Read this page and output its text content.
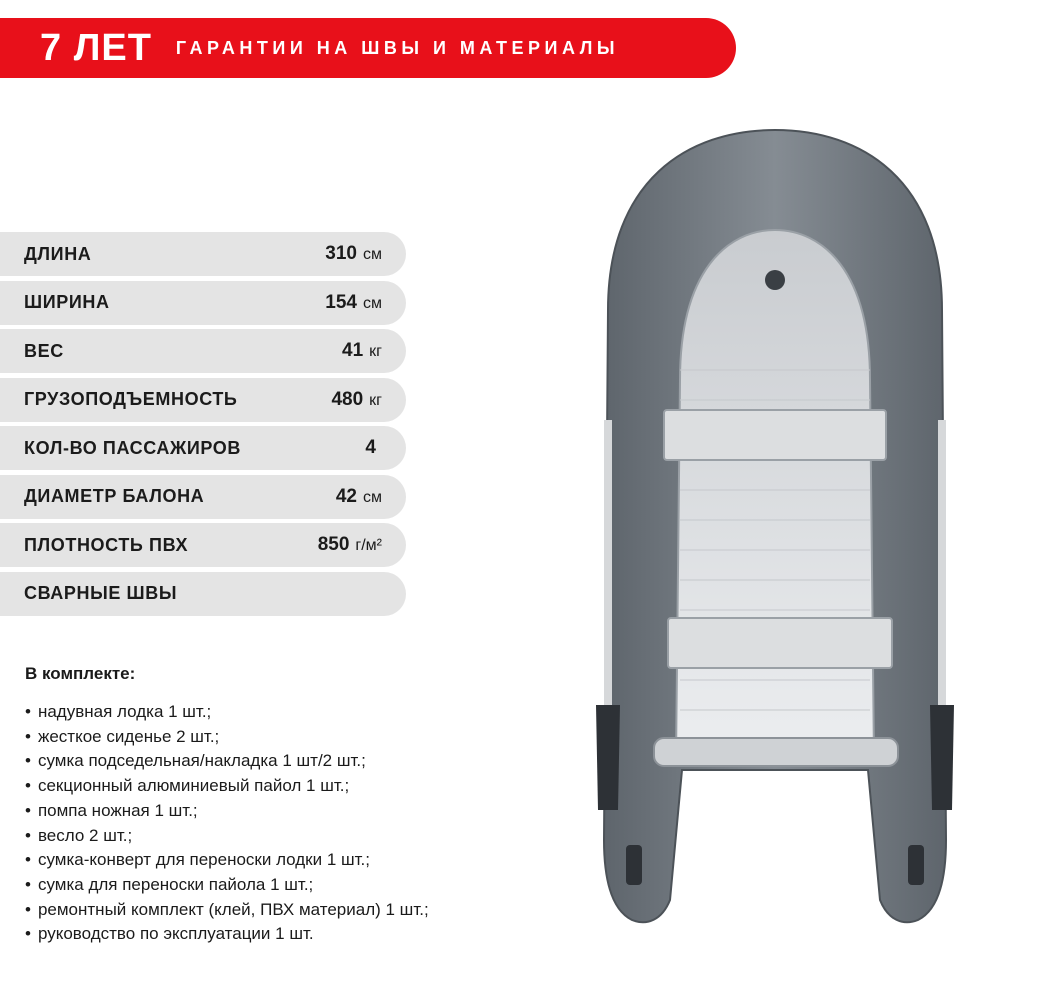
7 ЛЕТ ГАРАНТИИ НА ШВЫ И МАТЕРИАЛЫ
ДЛИНА	310 см
ШИРИНА	154 см
ВЕС	41 кг
ГРУЗОПОДЪЕМНОСТЬ	480 кг
КОЛ-ВО ПАССАЖИРОВ	4
ДИАМЕТР БАЛОНА	42 см
ПЛОТНОСТЬ ПВХ	850 г/м²
СВАРНЫЕ ШВЫ
В комплекте:
• надувная лодка 1 шт.;
• жесткое сиденье 2 шт.;
• сумка подседельная/накладка 1 шт/2 шт.;
• секционный алюминиевый пайол 1 шт.;
• помпа ножная 1 шт.;
• весло 2 шт.;
• сумка-конверт для переноски лодки 1 шт.;
• сумка для переноски пайола 1 шт.;
• ремонтный комплект (клей, ПВХ материал) 1 шт.;
• руководство по эксплуатации 1 шт.
